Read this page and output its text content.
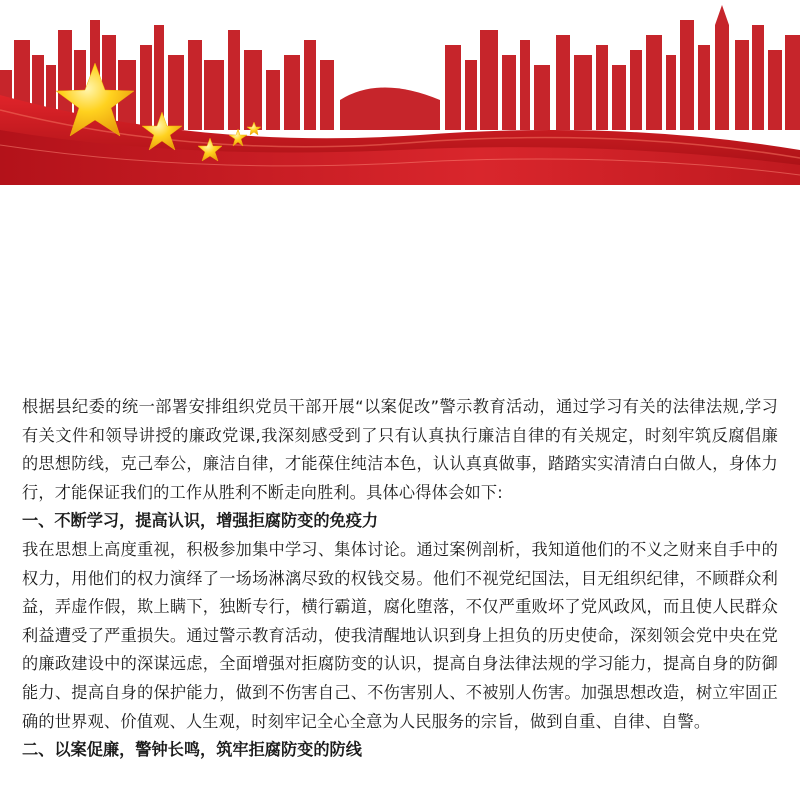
根据县纪委的统一部署安排组织党员干部开展“以案促改”警示教育活动，通过学习有关的法律法规,学习有关文件和领导讲授的廉政党课,我深刻感受到了只有认真执行廉洁自律的有关规定，时刻牢筑反腐倡廉的思想防线，克己奉公，廉洁自律，才能葆住纯洁本色，认认真真做事，踏踏实实清清白白做人，身体力行，才能保证我们的工作从胜利不断走向胜利。具体心得体会如下:

一、不断学习，提高认识，增强拒腐防变的免疫力

我在思想上高度重视，积极参加集中学习、集体讨论。通过案例剖析，我知道他们的不义之财来自手中的权力，用他们的权力演绎了一场场淋漓尽致的权钱交易。他们不视党纪国法，目无组织纪律，不顾群众利益，弄虚作假，欺上瞒下，独断专行，横行霸道，腐化堕落，不仅严重败坏了党风政风，而且使人民群众利益遭受了严重损失。通过警示教育活动，使我清醒地认识到身上担负的历史使命，深刻领会党中央在党的廉政建设中的深谋远虑，全面增强对拒腐防变的认识，提高自身法律法规的学习能力，提高自身的防御能力、提高自身的保护能力，做到不伤害自己、不伤害别人、不被别人伤害。加强思想改造，树立牢固正确的世界观、价值观、人生观，时刻牢记全心全意为人民服务的宗旨，做到自重、自律、自警。

二、以案促廉，警钟长鸣，筑牢拒腐防变的防线
